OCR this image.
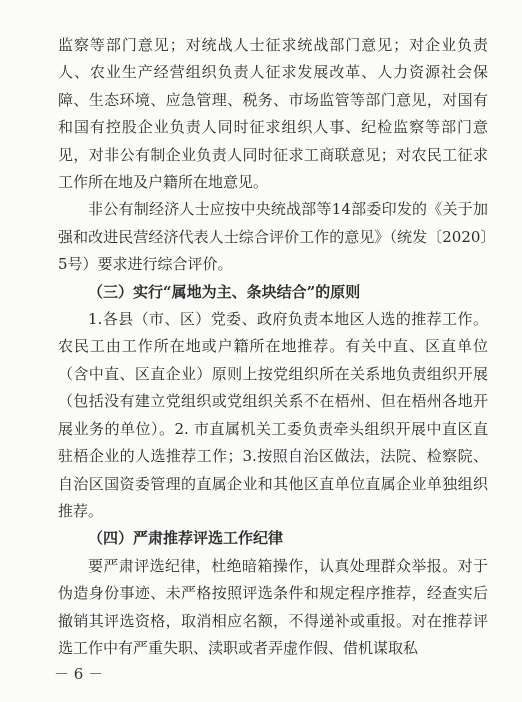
监察等部门意见；对统战人士征求统战部门意见；对企业负责人、农业生产经营组织负责人征求发展改革、人力资源社会保障、生态环境、应急管理、税务、市场监管等部门意见，对国有和国有控股企业负责人同时征求组织人事、纪检监察等部门意见，对非公有制企业负责人同时征求工商联意见；对农民工征求工作所在地及户籍所在地意见。

非公有制经济人士应按中央统战部等14部委印发的《关于加强和改进民营经济代表人士综合评价工作的意见》（统发〔2020〕5号）要求进行综合评价。

（三）实行“属地为主、条块结合”的原则

1.各县（市、区）党委、政府负责本地区人选的推荐工作。农民工由工作所在地或户籍所在地推荐。有关中直、区直单位（含中直、区直企业）原则上按党组织所在关系地负责组织开展（包括没有建立党组织或党组织关系不在梧州、但在梧州各地开展业务的单位）。2. 市直属机关工委负责牵头组织开展中直区直驻梧企业的人选推荐工作；3.按照自治区做法，法院、检察院、自治区国资委管理的直属企业和其他区直单位直属企业单独组织推荐。

（四）严肃推荐评选工作纪律

要严肃评选纪律，杜绝暗箱操作，认真处理群众举报。对于伪造身份事迹、未严格按照评选条件和规定程序推荐，经查实后撤销其评选资格，取消相应名额，不得递补或重报。对在推荐评选工作中有严重失职、渎职或者弄虚作假、借机谋取私

－ 6 －
